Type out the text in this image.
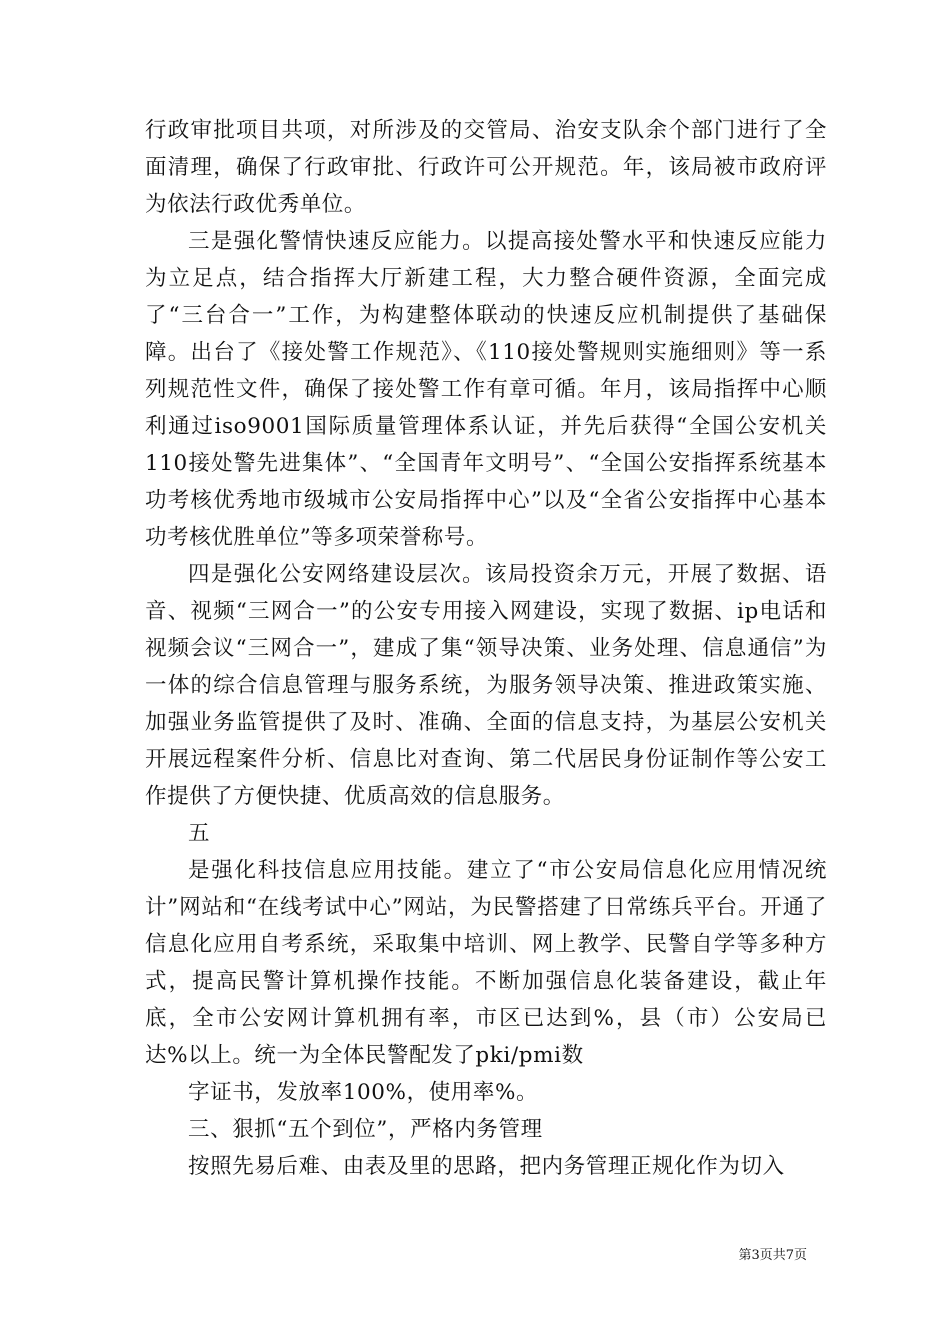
行政审批项目共项，对所涉及的交管局、治安支队余个部门进行了全面清理，确保了行政审批、行政许可公开规范。年，该局被市政府评为依法行政优秀单位。

三是强化警情快速反应能力。以提高接处警水平和快速反应能力为立足点，结合指挥大厅新建工程，大力整合硬件资源，全面完成了“三台合一”工作，为构建整体联动的快速反应机制提供了基础保障。出台了《接处警工作规范》、《110接处警规则实施细则》等一系列规范性文件，确保了接处警工作有章可循。年月，该局指挥中心顺利通过iso9001国际质量管理体系认证，并先后获得“全国公安机关110接处警先进集体”、“全国青年文明号”、“全国公安指挥系统基本功考核优秀地市级城市公安局指挥中心”以及“全省公安指挥中心基本功考核优胜单位”等多项荣誉称号。

四是强化公安网络建设层次。该局投资余万元，开展了数据、语音、视频“三网合一”的公安专用接入网建设，实现了数据、ip电话和视频会议“三网合一”，建成了集“领导决策、业务处理、信息通信”为一体的综合信息管理与服务系统，为服务领导决策、推进政策实施、加强业务监管提供了及时、准确、全面的信息支持，为基层公安机关开展远程案件分析、信息比对查询、第二代居民身份证制作等公安工作提供了方便快捷、优质高效的信息服务。

五

是强化科技信息应用技能。建立了“市公安局信息化应用情况统计”网站和“在线考试中心”网站，为民警搭建了日常练兵平台。开通了信息化应用自考系统，采取集中培训、网上教学、民警自学等多种方式，提高民警计算机操作技能。不断加强信息化装备建设，截止年底，全市公安网计算机拥有率，市区已达到%，县（市）公安局已达%以上。统一为全体民警配发了pki/pmi数

字证书，发放率100%，使用率%。

三、狠抓“五个到位”，严格内务管理

按照先易后难、由表及里的思路，把内务管理正规化作为切入

第3页共7页
